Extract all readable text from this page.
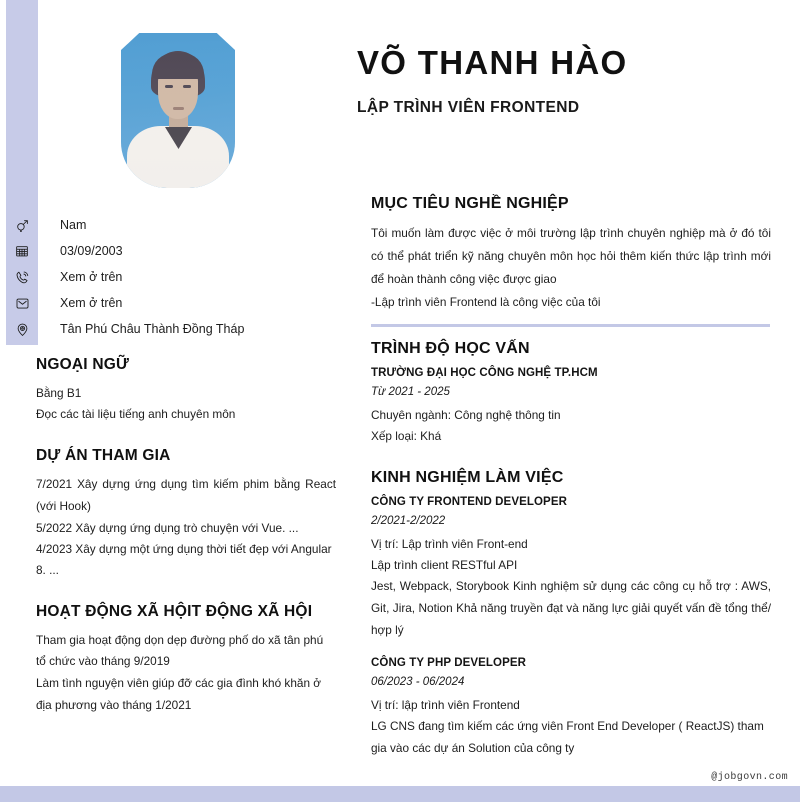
VÕ THANH HÀO
LẬP TRÌNH VIÊN FRONTEND
Nam
03/09/2003
Xem ở trên
Xem ở trên
Tân Phú Châu Thành Đồng Tháp
MỤC TIÊU NGHỀ NGHIỆP
Tôi muốn làm được việc ở môi trường lập trình chuyên nghiệp mà ở đó tôi có thể phát triển kỹ năng chuyên môn học hỏi thêm kiến thức lập trình mới để hoàn thành công việc được giao
-Lập trình viên Frontend là công việc của tôi
TRÌNH ĐỘ HỌC VẤN
TRƯỜNG ĐẠI HỌC CÔNG NGHỆ TP.HCM
Từ 2021 - 2025
Chuyên ngành: Công nghệ thông tin
Xếp loại: Khá
KINH NGHIỆM LÀM VIỆC
CÔNG TY FRONTEND DEVELOPER
2/2021-2/2022
Vị trí: Lập trình viên Front-end
Lập trình client RESTful API
Jest, Webpack, Storybook Kinh nghiệm sử dụng các công cụ hỗ trợ : AWS, Git, Jira, Notion Khả năng truyền đạt và năng lực giải quyết vấn đề tổng thể/ hợp lý
CÔNG TY PHP DEVELOPER
06/2023 - 06/2024
Vị trí: lập trình viên Frontend
LG CNS đang tìm kiếm các ứng viên Front End Developer ( ReactJS) tham gia vào các dự án Solution của công ty
NGOẠI NGỮ
Bằng B1
Đọc các tài liệu tiếng anh chuyên môn
DỰ ÁN THAM GIA
7/2021 Xây dựng ứng dụng tìm kiếm phim bằng React (với Hook)
5/2022 Xây dựng ứng dụng trò chuyện với Vue. ...
4/2023 Xây dựng một ứng dụng thời tiết đẹp với Angular 8. ...
HOẠT ĐỘNG XÃ HỘIT ĐỘNG XÃ HỘI
Tham gia hoạt động dọn dẹp đường phố do xã tân phú tổ chức vào tháng 9/2019
Làm tình nguyện viên giúp đỡ các gia đình khó khăn ở địa phương vào tháng 1/2021
@jobgovn.com
